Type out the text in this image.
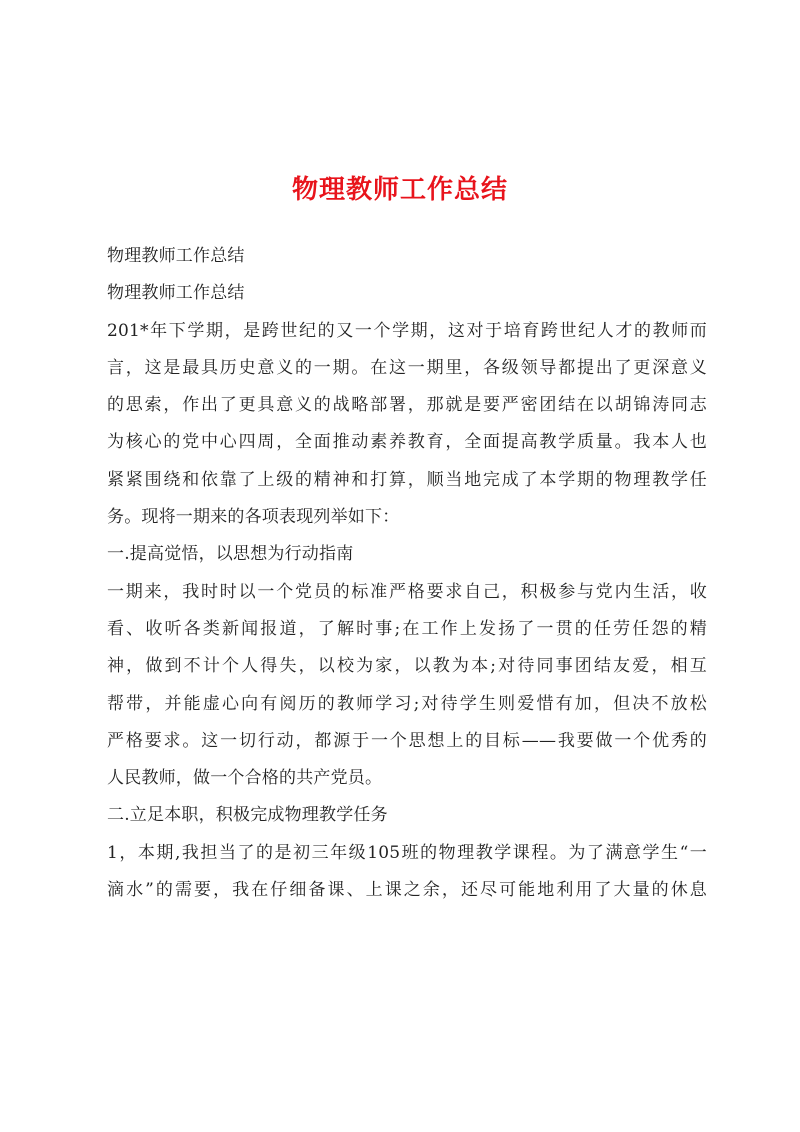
物理教师工作总结
物理教师工作总结
物理教师工作总结
201*年下学期，是跨世纪的又一个学期，这对于培育跨世纪人才的教师而
言，这是最具历史意义的一期。在这一期里，各级领导都提出了更深意义
的思索，作出了更具意义的战略部署，那就是要严密团结在以胡锦涛同志
为核心的党中心四周，全面推动素养教育，全面提高教学质量。我本人也
紧紧围绕和依靠了上级的精神和打算，顺当地完成了本学期的物理教学任
务。现将一期来的各项表现列举如下：
一.提高觉悟，以思想为行动指南
一期来，我时时以一个党员的标准严格要求自己，积极参与党内生活，收
看、收听各类新闻报道，了解时事;在工作上发扬了一贯的任劳任怨的精
神，做到不计个人得失，以校为家，以教为本;对待同事团结友爱，相互
帮带，并能虚心向有阅历的教师学习;对待学生则爱惜有加，但决不放松
严格要求。这一切行动，都源于一个思想上的目标——我要做一个优秀的
人民教师，做一个合格的共产党员。
二.立足本职，积极完成物理教学任务
1，本期,我担当了的是初三年级105班的物理教学课程。为了满意学生“一
滴水”的需要，我在仔细备课、上课之余，还尽可能地利用了大量的休息
